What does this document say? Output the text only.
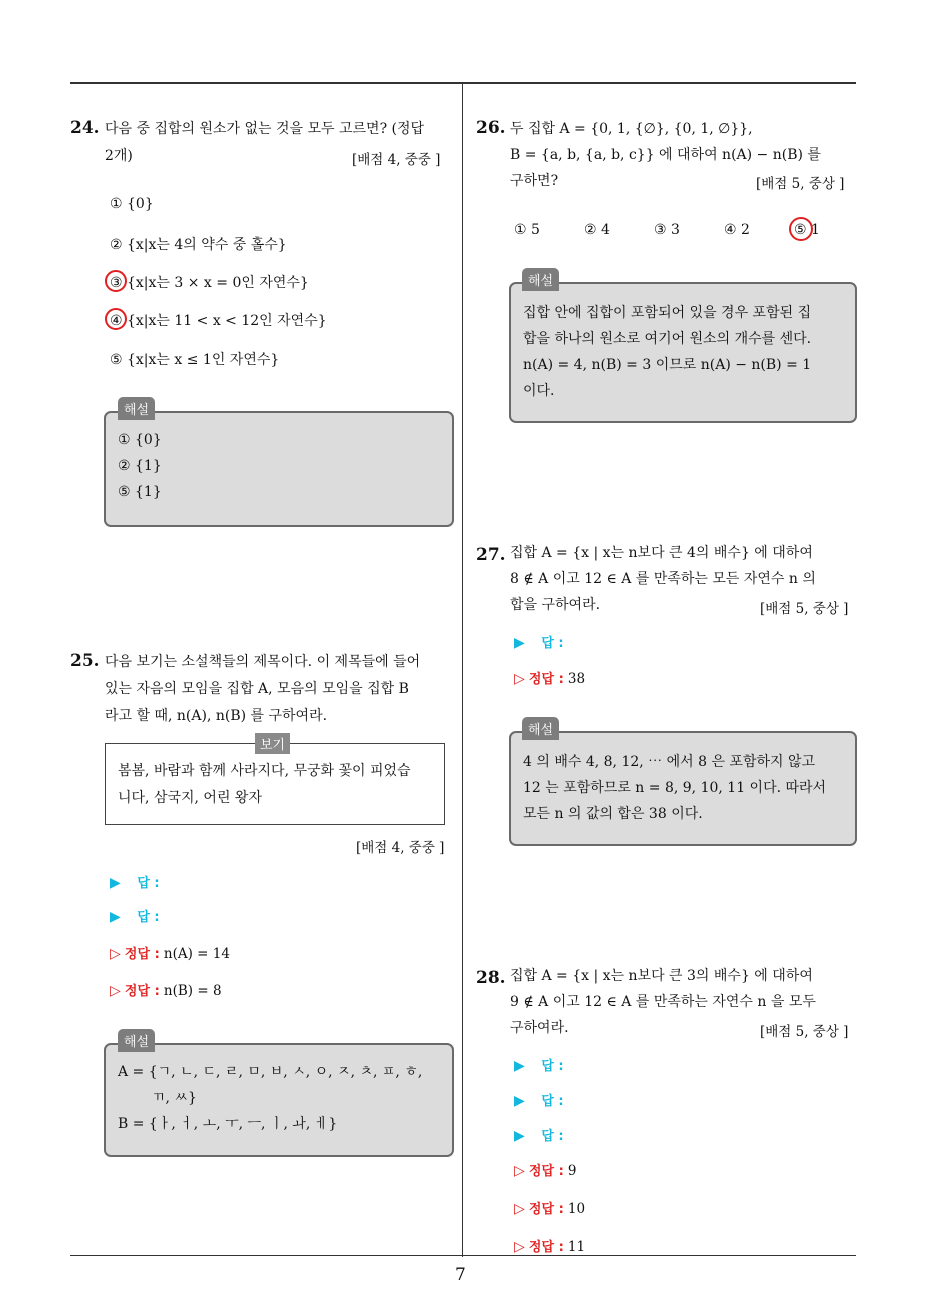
7
24. 다음 중 집합의 원소가 없는 것을 모두 고르면? (정답
2개)	[배점 4, 중중 ]
① {0}
② {x|x는 4의 약수 중 홀수}
③ {x|x는 3 × x = 0인 자연수}
④ {x|x는 11 < x < 12인 자연수}
⑤ {x|x는 x ≤ 1인 자연수}
① {0}
② {1}
⑤ {1}
해설
25. 다음 보기는 소설책들의 제목이다. 이 제목들에 들어
있는 자음의 모임을 집합 A, 모음의 모임을 집합 B
라고 할 때, n(A), n(B) 를 구하여라.
봄봄, 바람과 함께 사라지다, 무궁화 꽃이 피었습
니다, 삼국지, 어린 왕자
보기
[배점 4, 중중 ]
▶ 답 :
▶ 답 :
▷ 정답 : n(A) = 14
▷ 정답 : n(B) = 8
A = {ㄱ, ㄴ, ㄷ, ㄹ, ㅁ, ㅂ, ㅅ, ㅇ, ㅈ, ㅊ, ㅍ, ㅎ,
ㄲ, ㅆ}
B = {ㅏ, ㅓ, ㅗ, ㅜ, ㅡ, ㅣ, ㅘ, ㅔ}
해설
26. 두 집합 A = {0, 1, {∅}, {0, 1, ∅}},
B = {a, b, {a, b, c}} 에 대하여 n(A) − n(B) 를
구하면?	[배점 5, 중상 ]
① 5	② 4	③ 3	④ 2	⑤ 1
집합 안에 집합이 포함되어 있을 경우 포함된 집
합을 하나의 원소로 여기어 원소의 개수를 센다.
n(A) = 4, n(B) = 3 이므로 n(A) − n(B) = 1
이다.
해설
27. 집합 A = {x | x는 n보다 큰 4의 배수} 에 대하여
8 ∉ A 이고 12 ∈ A 를 만족하는 모든 자연수 n 의
합을 구하여라.	[배점 5, 중상 ]
▶ 답 :
▷ 정답 : 38
4 의 배수 4, 8, 12, ⋯ 에서 8 은 포함하지 않고
12 는 포함하므로 n = 8, 9, 10, 11 이다. 따라서
모든 n 의 값의 합은 38 이다.
해설
28. 집합 A = {x | x는 n보다 큰 3의 배수} 에 대하여
9 ∉ A 이고 12 ∈ A 를 만족하는 자연수 n 을 모두
구하여라.	[배점 5, 중상 ]
▶ 답 :
▶ 답 :
▶ 답 :
▷ 정답 : 9
▷ 정답 : 10
▷ 정답 : 11
